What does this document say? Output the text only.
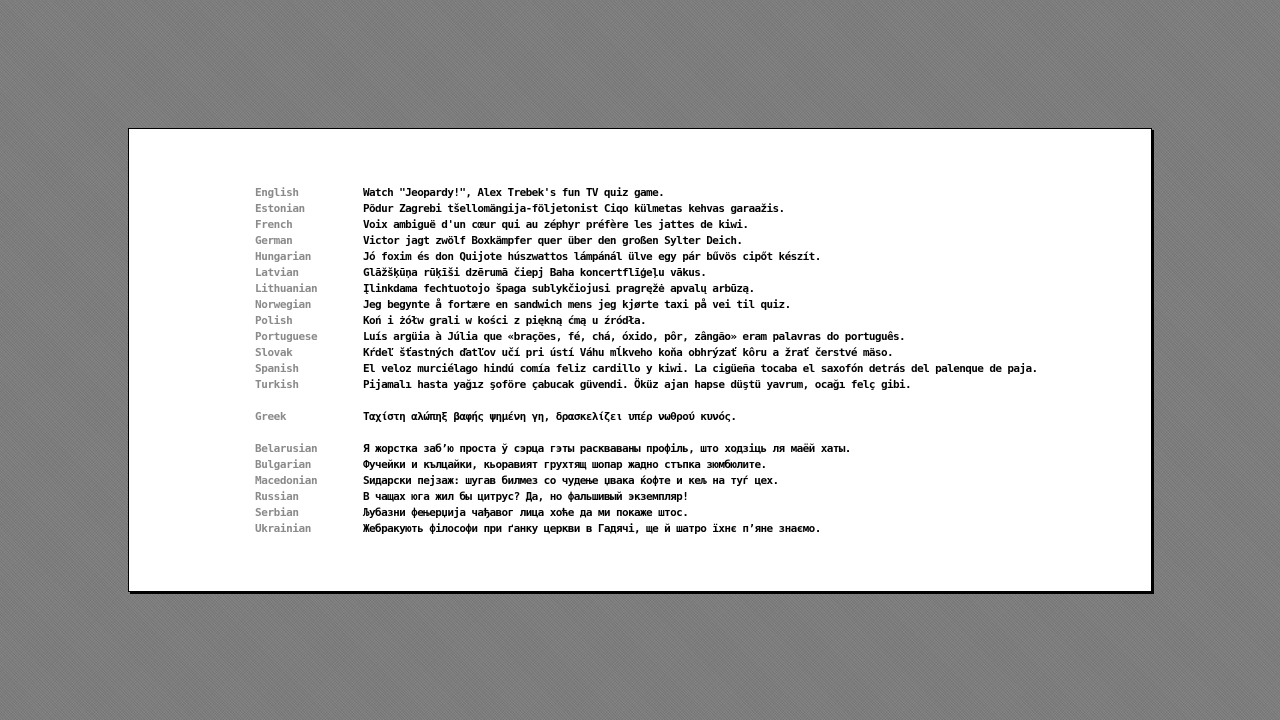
English	Watch "Jeopardy!", Alex Trebek's fun TV quiz game.
Estonian	Põdur Zagrebi tšellomängija-följetonist Ciqo külmetas kehvas garaažis.
French	Voix ambiguë d'un cœur qui au zéphyr préfère les jattes de kiwi.
German	Victor jagt zwölf Boxkämpfer quer über den großen Sylter Deich.
Hungarian	Jó foxim és don Quijote húszwattos lámpánál ülve egy pár bűvös cipőt készít.
Latvian	Glāžšķūņa rūķīši dzērumā čiepj Baha koncertflīģeļu vākus.
Lithuanian	Įlinkdama fechtuotojo špaga sublykčiojusi pragręžė apvalų arbūzą.
Norwegian	Jeg begynte å fortære en sandwich mens jeg kjørte taxi på vei til quiz.
Polish	Koń i żółw grali w kości z piękną ćmą u źródła.
Portuguese	Luís argüia à Júlia que «brações, fé, chá, óxido, pôr, zângão» eram palavras do português.
Slovak	Kŕdeľ šťastných ďatľov učí pri ústí Váhu mĺkveho koňa obhrýzať kôru a žrať čerstvé mäso.
Spanish	El veloz murciélago hindú comía feliz cardillo y kiwi. La cigüeña tocaba el saxofón detrás del palenque de paja.
Turkish	Pijamalı hasta yağız şoföre çabucak güvendi. Öküz ajan hapse düştü yavrum, ocağı felç gibi.
Greek	Ταχίστη αλώπηξ βαφής ψημένη γη, δρασκελίζει υπέρ νωθρού κυνός.
Belarusian	Я жорстка заб’ю проста ў сэрца гэты раскваваны профіль, што ходзіць ля маёй хаты.
Bulgarian	Фучейки и кълцайки, кьоравият грухтящ шопар жадно стъпка зюмбюлите.
Macedonian	Ѕидарски пејзаж: шугав билмез со чудење џвака ќофте и кељ на туѓ цех.
Russian	В чащах юга жил бы цитрус? Да, но фальшивый экземпляр!
Serbian	Љубазни фењерџија чађавог лица хоће да ми покаже штос.
Ukrainian	Жебракують філософи при ґанку церкви в Гадячі, ще й шатро їхнє п’яне знаємо.
